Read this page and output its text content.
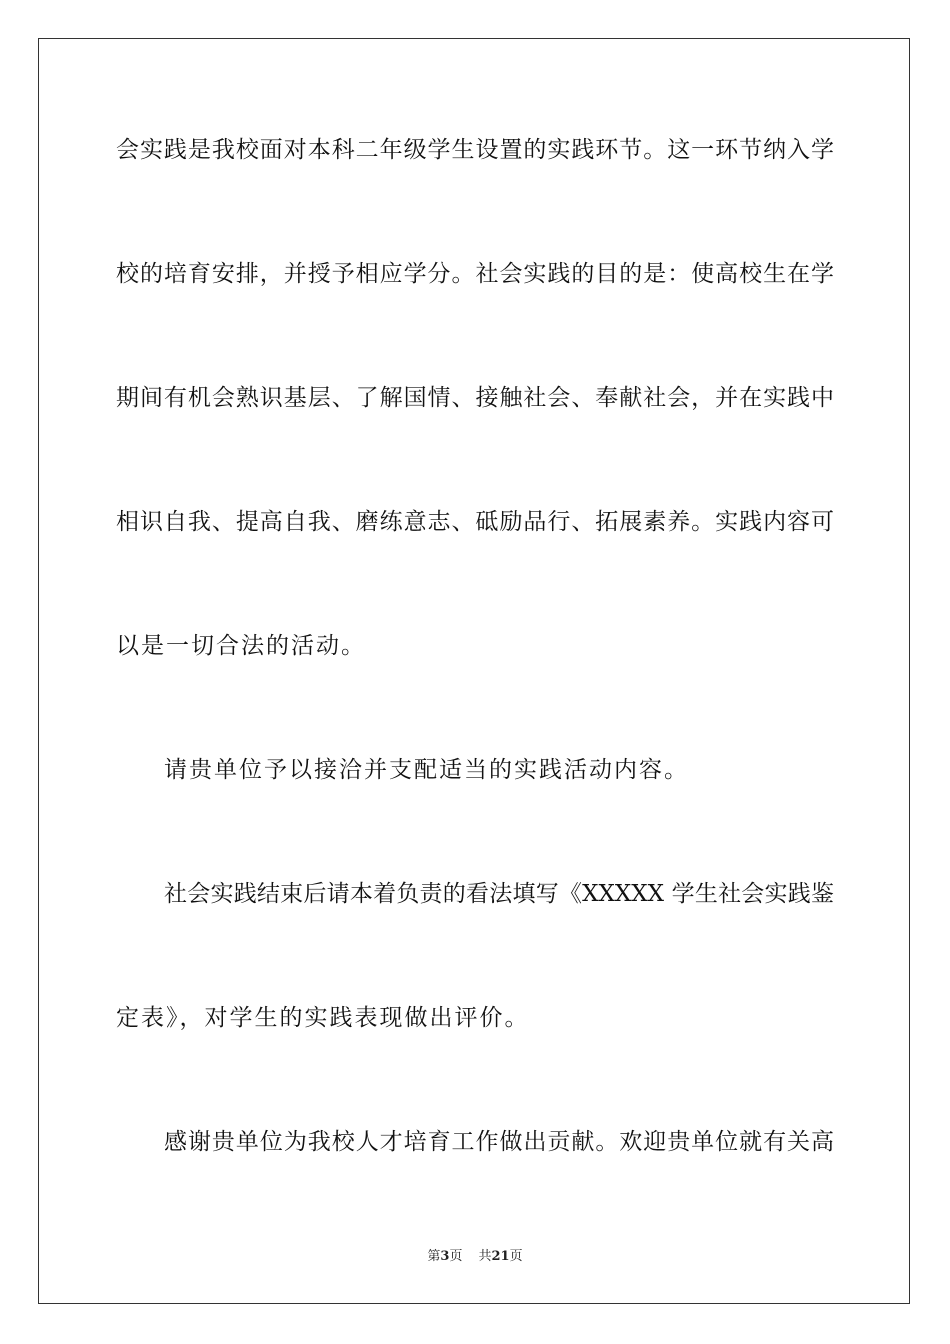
会实践是我校面对本科二年级学生设置的实践环节。这一环节纳入学
校的培育安排，并授予相应学分。社会实践的目的是：使高校生在学
期间有机会熟识基层、了解国情、接触社会、奉献社会，并在实践中
相识自我、提高自我、磨练意志、砥励品行、拓展素养。实践内容可
以是一切合法的活动。
请贵单位予以接洽并支配适当的实践活动内容。
社会实践结束后请本着负责的看法填写《XXXXX 学生社会实践鉴
定表》，对学生的实践表现做出评价。
感谢贵单位为我校人才培育工作做出贡献。欢迎贵单位就有关高
第3页 共21页
